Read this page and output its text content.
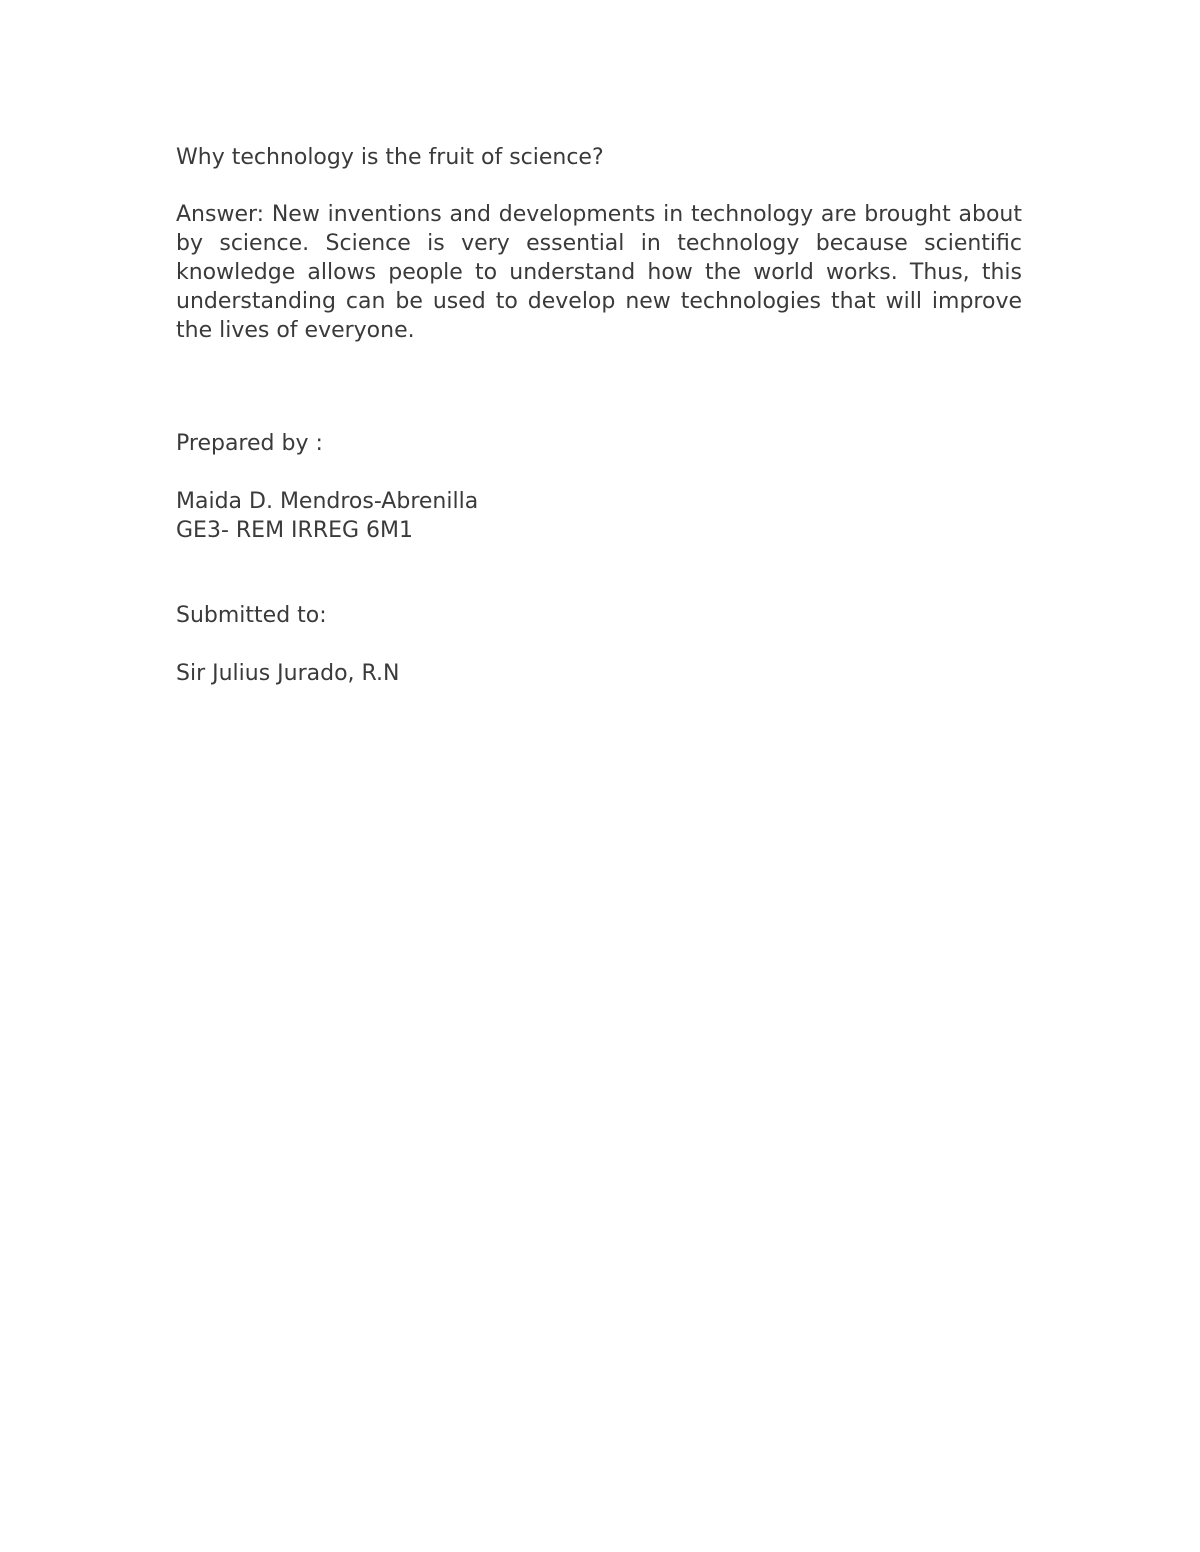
Why technology is the fruit of science?

Answer: New inventions and developments in technology are brought about by science. Science is very essential in technology because scientific knowledge allows people to understand how the world works. Thus, this understanding can be used to develop new technologies that will improve the lives of everyone.

Prepared by :

Maida D. Mendros-Abrenilla

GE3- REM IRREG 6M1

Submitted to:

Sir Julius Jurado, R.N
